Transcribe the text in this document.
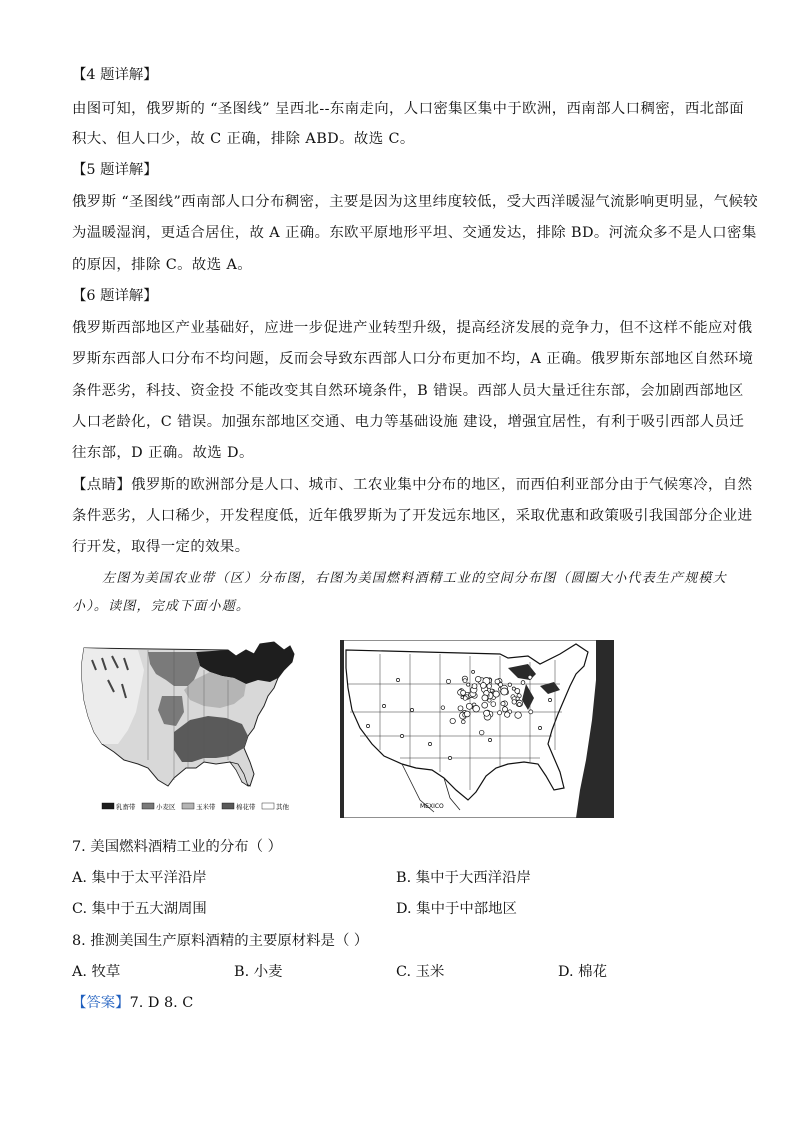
【4 题详解】
由图可知，俄罗斯的 “圣图线” 呈西北--东南走向，人口密集区集中于欧洲，西南部人口稠密，西北部面
积大、但人口少，故 C 正确，排除 ABD。故选 C。
【5 题详解】
俄罗斯 “圣图线”西南部人口分布稠密，主要是因为这里纬度较低，受大西洋暖湿气流影响更明显，气候较
为温暖湿润，更适合居住，故 A 正确。东欧平原地形平坦、交通发达，排除 BD。河流众多不是人口密集
的原因，排除 C。故选 A。
【6 题详解】
俄罗斯西部地区产业基础好，应进一步促进产业转型升级，提高经济发展的竞争力，但不这样不能应对俄
罗斯东西部人口分布不均问题，反而会导致东西部人口分布更加不均，A 正确。俄罗斯东部地区自然环境
条件恶劣，科技、资金投 不能改变其自然环境条件，B 错误。西部人员大量迁往东部，会加剧西部地区
人口老龄化，C 错误。加强东部地区交通、电力等基础设施 建设，增强宜居性，有利于吸引西部人员迁
往东部，D 正确。故选 D。
【点睛】俄罗斯的欧洲部分是人口、城市、工农业集中分布的地区，而西伯利亚部分由于气候寒冷，自然
条件恶劣，人口稀少，开发程度低，近年俄罗斯为了开发远东地区，采取优惠和政策吸引我国部分企业进
行开发，取得一定的效果。
左图为美国农业带（区）分布图，右图为美国燃料酒精工业的空间分布图（圆圈大小代表生产规模大
小）。读图，完成下面小题。
乳畜带	小麦区	玉米带	棉花带	其他	MEXICO
7. 美国燃料酒精工业的分布（ ）
A. 集中于太平洋沿岸	B. 集中于大西洋沿岸
C. 集中于五大湖周围	D. 集中于中部地区
8. 推测美国生产原料酒精的主要原材料是（ ）
A. 牧草	B. 小麦	C. 玉米	D. 棉花
【答案】7. D 8. C
